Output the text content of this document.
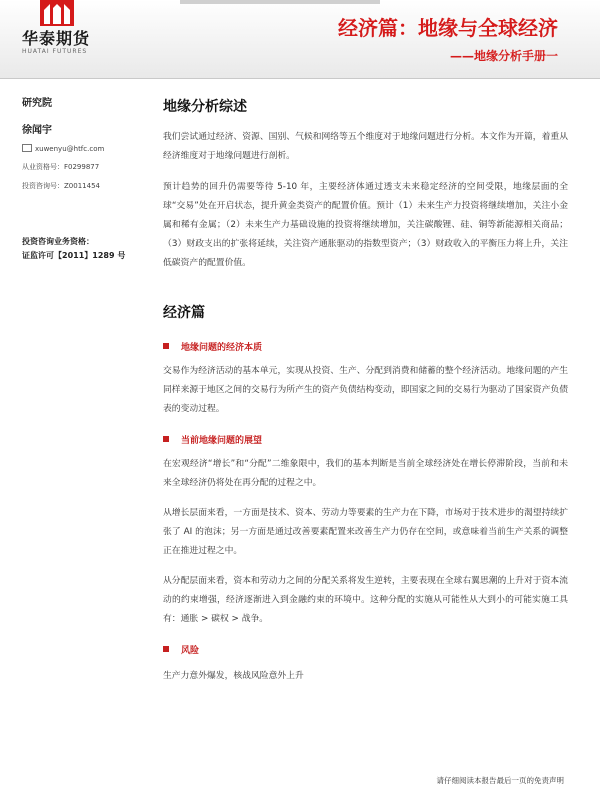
华泰期货
HUATAI FUTURES
经济篇：地缘与全球经济
——地缘分析手册一
研究院
徐闻宇
xuwenyu@htfc.com
从业资格号：F0299877
投资咨询号：Z0011454
投资咨询业务资格：
证监许可【2011】1289 号
地缘分析综述

我们尝试通过经济、资源、国别、气候和网络等五个维度对于地缘问题进行分析。本文作为开篇，着重从经济维度对于地缘问题进行剖析。

预计趋势的回升仍需要等待 5-10 年，主要经济体通过透支未来稳定经济的空间受限，地缘层面的全球“交易”处在开启状态，提升黄金类资产的配置价值。预计（1）未来生产力投资将继续增加，关注小金属和稀有金属；（2）未来生产力基础设施的投资将继续增加，关注碳酸锂、硅、铜等新能源相关商品；（3）财政支出的扩张将延续，关注资产通胀驱动的指数型资产；（3）财政收入的平衡压力将上升，关注低碳资产的配置价值。

经济篇
地缘问题的经济本质

交易作为经济活动的基本单元，实现从投资、生产、分配到消费和储蓄的整个经济活动。地缘问题的产生同样来源于地区之间的交易行为所产生的资产负债结构变动，即国家之间的交易行为驱动了国家资产负债表的变动过程。

当前地缘问题的展望

在宏观经济“增长”和“分配”二维象限中，我们的基本判断是当前全球经济处在增长停滞阶段，当前和未来全球经济仍将处在再分配的过程之中。

从增长层面来看，一方面是技术、资本、劳动力等要素的生产力在下降，市场对于技术进步的渴望持续扩张了 AI 的泡沫；另一方面是通过改善要素配置来改善生产力仍存在空间，或意味着当前生产关系的调整正在推进过程之中。

从分配层面来看，资本和劳动力之间的分配关系将发生逆转，主要表现在全球右翼思潮的上升对于资本流动的约束增强，经济逐渐进入到金融约束的环境中。这种分配的实施从可能性从大到小的可能实施工具有：通胀 > 碳权 > 战争。

风险

生产力意外爆发，核战风险意外上升

请仔细阅读本报告最后一页的免责声明
